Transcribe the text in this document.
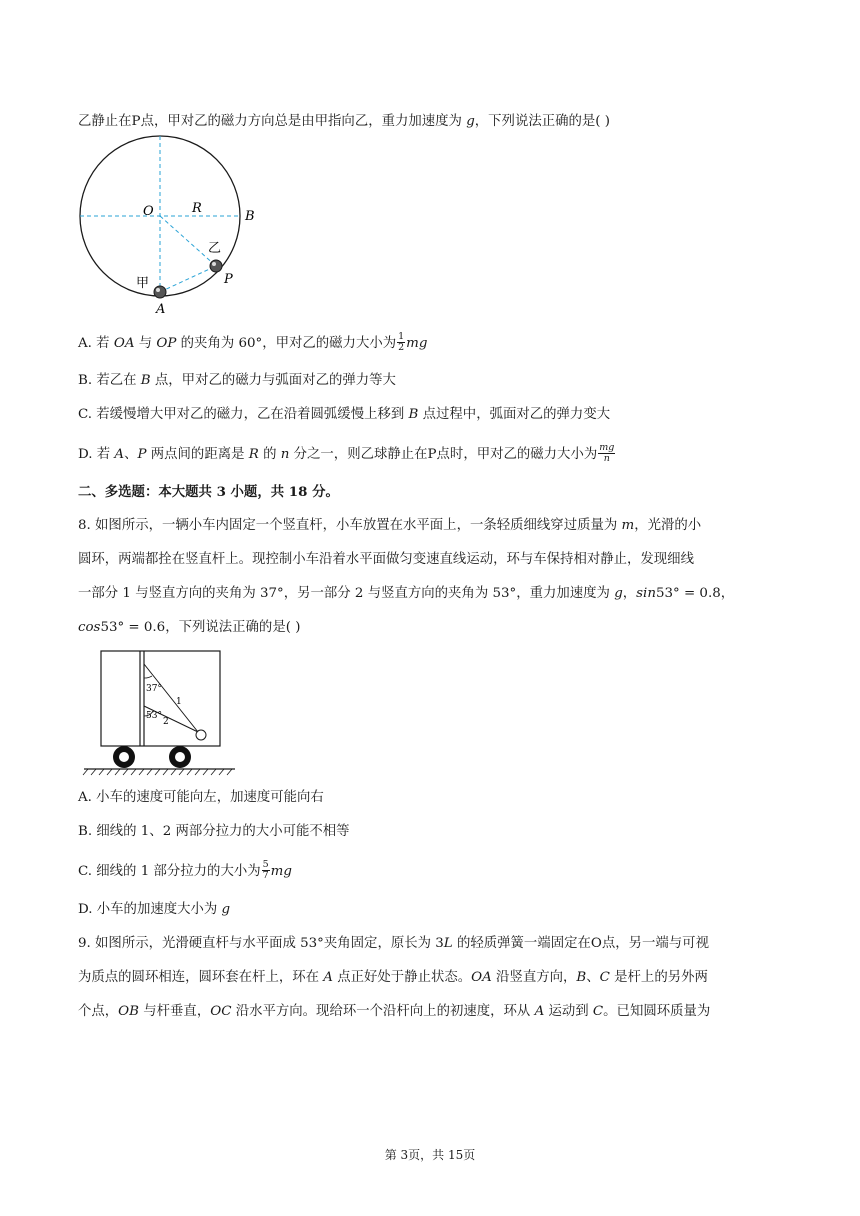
乙静止在P点，甲对乙的磁力方向总是由甲指向乙，重力加速度为 g，下列说法正确的是( )
O	R
B
乙
P
甲
A
A. 若 OA 与 OP 的夹角为 60°，甲对乙的磁力大小为 $\frac{1}{2}$ mg
B. 若乙在 B 点，甲对乙的磁力与弧面对乙的弹力等大
C. 若缓慢增大甲对乙的磁力，乙在沿着圆弧缓慢上移到 B 点过程中，弧面对乙的弹力变大
D. 若 A、P 两点间的距离是 R 的 n 分之一，则乙球静止在P点时，甲对乙的磁力大小为 $\frac{mg}{n}$
二、多选题：本大题共 3 小题，共 18 分。
8. 如图所示，一辆小车内固定一个竖直杆，小车放置在水平面上，一条轻质细线穿过质量为 m，光滑的小
圆环，两端都拴在竖直杆上。现控制小车沿着水平面做匀变速直线运动，环与车保持相对静止，发现细线
一部分 1 与竖直方向的夹角为 37°，另一部分 2 与竖直方向的夹角为 53°，重力加速度为 g，sin53° = 0.8，
cos53° = 0.6，下列说法正确的是( )
37°
1
53°
2
A. 小车的速度可能向左，加速度可能向右
B. 细线的 1、2 两部分拉力的大小可能不相等
C. 细线的 1 部分拉力的大小为 $\frac{5}{7}$ mg
D. 小车的加速度大小为 g
9. 如图所示，光滑硬直杆与水平面成 53°夹角固定，原长为 3L 的轻质弹簧一端固定在O点，另一端与可视
为质点的圆环相连，圆环套在杆上，环在 A 点正好处于静止状态。OA 沿竖直方向，B、C 是杆上的另外两
个点，OB 与杆垂直，OC 沿水平方向。现给环一个沿杆向上的初速度，环从 A 运动到 C。已知圆环质量为
第 3页，共 15页
